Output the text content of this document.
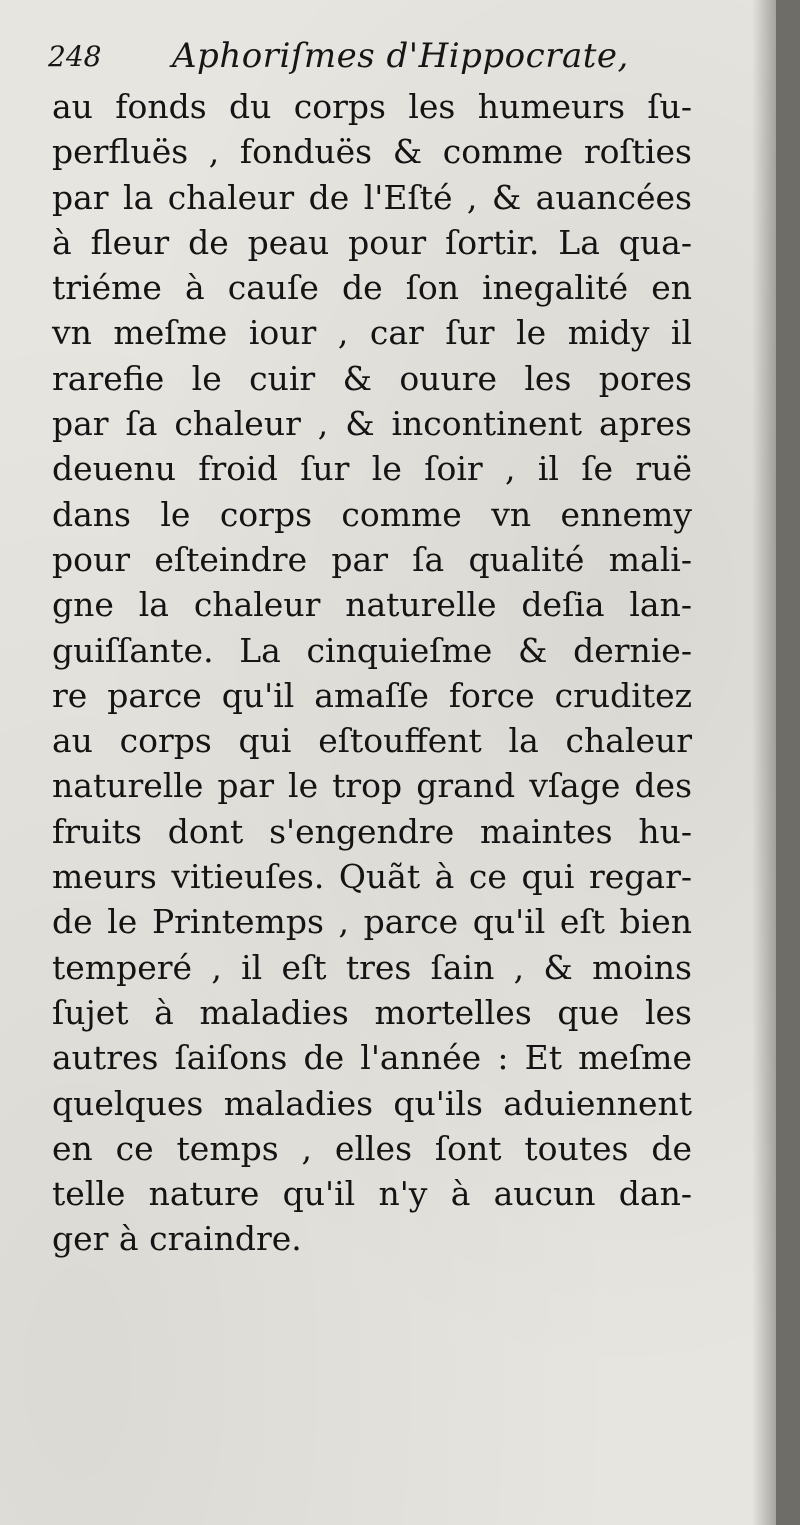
248 Aphoriſmes d'Hippocrate,
au fonds du corps les humeurs ſu-
perfluës , fonduës & comme roſties
par la chaleur de l'Eſté , & auancées
à fleur de peau pour ſortir. La qua-
triéme à cauſe de ſon inegalité en
vn meſme iour , car ſur le midy il
rarefie le cuir & ouure les pores
par ſa chaleur , & incontinent apres
deuenu froid ſur le ſoir , il ſe ruë
dans le corps comme vn ennemy
pour eſteindre par ſa qualité mali-
gne la chaleur naturelle deſia lan-
guiſſante. La cinquieſme & dernie-
re parce qu'il amaſſe force cruditez
au corps qui eſtouffent la chaleur
naturelle par le trop grand vſage des
fruits dont s'engendre maintes hu-
meurs vitieuſes. Quãt à ce qui regar-
de le Printemps , parce qu'il eſt bien
temperé , il eſt tres ſain , & moins
ſujet à maladies mortelles que les
autres ſaiſons de l'année : Et meſme
quelques maladies qu'ils aduiennent
en ce temps , elles ſont toutes de
telle nature qu'il n'y à aucun dan-
ger à craindre.
